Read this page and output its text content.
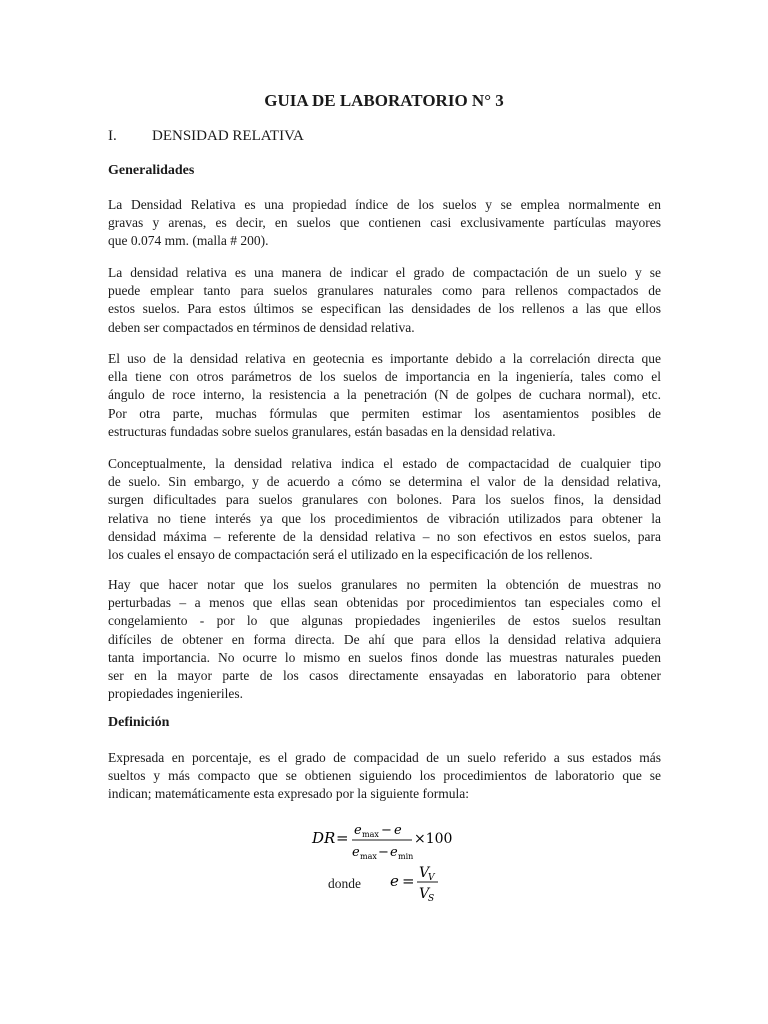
GUIA DE LABORATORIO N° 3
I. DENSIDAD RELATIVA
Generalidades
La Densidad Relativa es una propiedad índice de los suelos y se emplea normalmente en
gravas y arenas, es decir, en suelos que contienen casi exclusivamente partículas mayores
que 0.074 mm. (malla # 200).
La densidad relativa es una manera de indicar el grado de compactación de un suelo y se
puede emplear tanto para suelos granulares naturales como para rellenos compactados de
estos suelos. Para estos últimos se especifican las densidades de los rellenos a las que ellos
deben ser compactados en términos de densidad relativa.
El uso de la densidad relativa en geotecnia es importante debido a la correlación directa que
ella tiene con otros parámetros de los suelos de importancia en la ingeniería, tales como el
ángulo de roce interno, la resistencia a la penetración (N de golpes de cuchara normal), etc.
Por otra parte, muchas fórmulas que permiten estimar los asentamientos posibles de
estructuras fundadas sobre suelos granulares, están basadas en la densidad relativa.
Conceptualmente, la densidad relativa indica el estado de compactacidad de cualquier tipo
de suelo. Sin embargo, y de acuerdo a cómo se determina el valor de la densidad relativa,
surgen dificultades para suelos granulares con bolones. Para los suelos finos, la densidad
relativa no tiene interés ya que los procedimientos de vibración utilizados para obtener la
densidad máxima – referente de la densidad relativa – no son efectivos en estos suelos, para
los cuales el ensayo de compactación será el utilizado en la especificación de los rellenos.
Hay que hacer notar que los suelos granulares no permiten la obtención de muestras no
perturbadas – a menos que ellas sean obtenidas por procedimientos tan especiales como el
congelamiento - por lo que algunas propiedades ingenieriles de estos suelos resultan
difíciles de obtener en forma directa. De ahí que para ellos la densidad relativa adquiera
tanta importancia. No ocurre lo mismo en suelos finos donde las muestras naturales pueden
ser en la mayor parte de los casos directamente ensayadas en laboratorio para obtener
propiedades ingenieriles.
Definición
Expresada en porcentaje, es el grado de compacidad de un suelo referido a sus estados más
sueltos y más compacto que se obtienen siguiendo los procedimientos de laboratorio que se
indican; matemáticamente esta expresado por la siguiente formula:
DR = e max − e
e max − e min
×100
donde e = V
V
V
S
